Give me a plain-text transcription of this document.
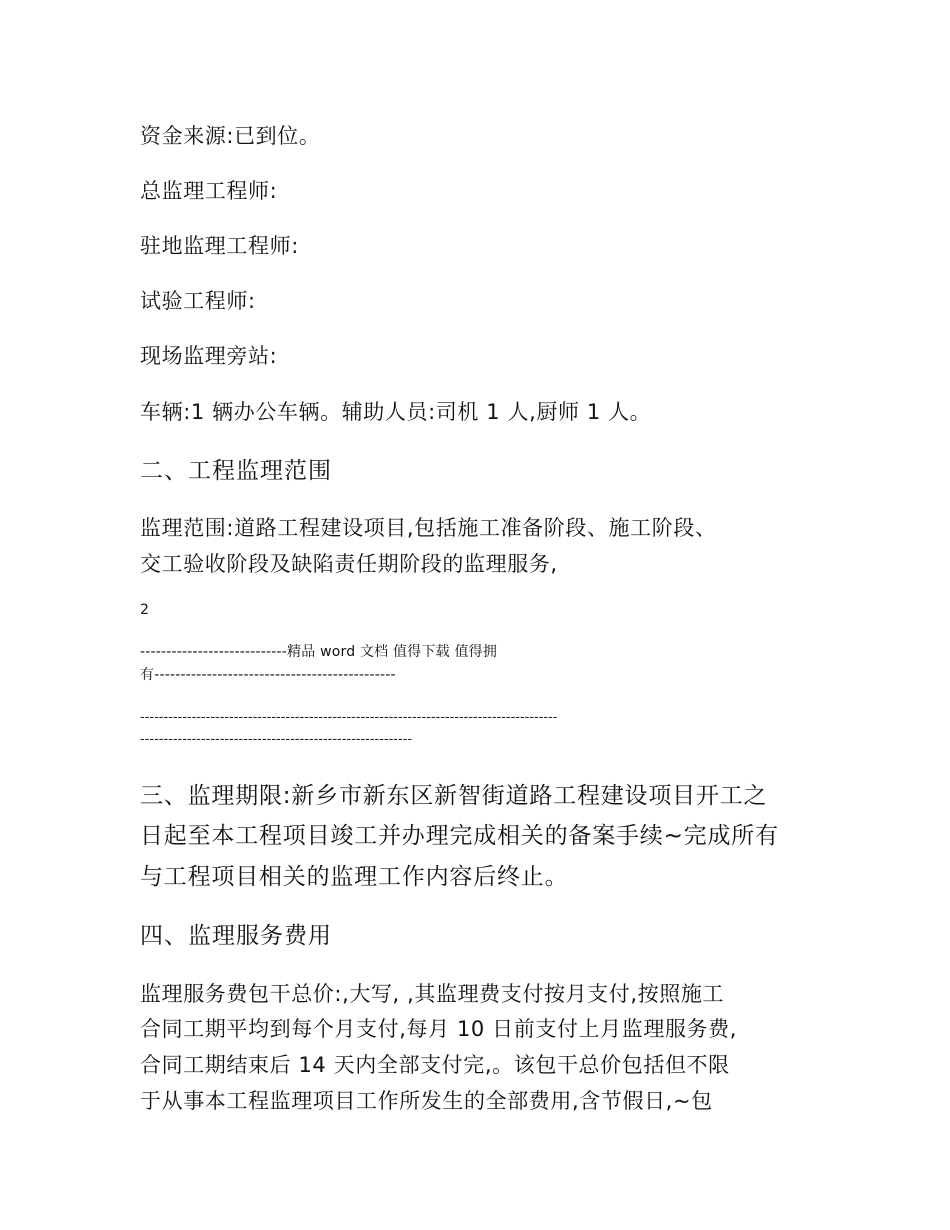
资金来源:已到位。
总监理工程师:
驻地监理工程师:
试验工程师:
现场监理旁站:
车辆:1 辆办公车辆。辅助人员:司机 1 人,厨师 1 人。
二、工程监理范围
监理范围:道路工程建设项目,包括施工准备阶段、施工阶段、
交工验收阶段及缺陷责任期阶段的监理服务,
2
----------------------------精品 word 文档 值得下载 值得拥
有----------------------------------------------
-----------------------------------------------------------------------------------------
----------------------------------------------------------
三、监理期限:新乡市新东区新智街道路工程建设项目开工之
日起至本工程项目竣工并办理完成相关的备案手续~完成所有
与工程项目相关的监理工作内容后终止。
四、监理服务费用
监理服务费包干总价:,大写, ,其监理费支付按月支付,按照施工
合同工期平均到每个月支付,每月 10 日前支付上月监理服务费,
合同工期结束后 14 天内全部支付完,。该包干总价包括但不限
于从事本工程监理项目工作所发生的全部费用,含节假日,~包
